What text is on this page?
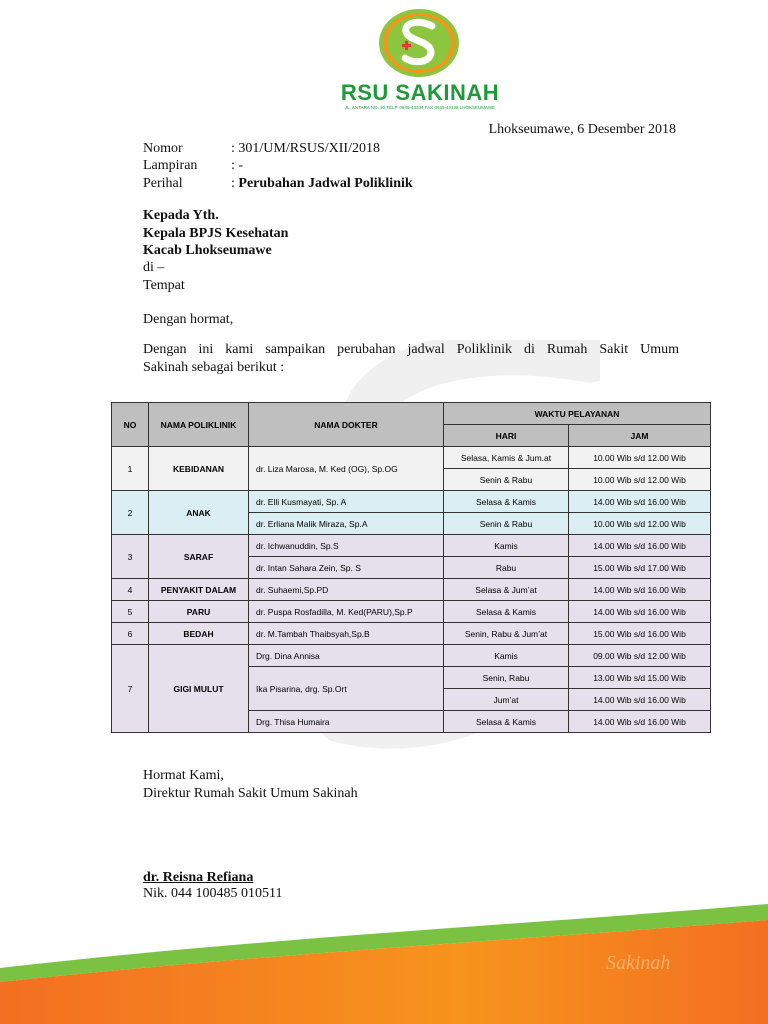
RSU SAKINAH
JL. ANTARA NO. 30 TELP. 0645-43334 FAX 0645-43138 LHOKSEUMAWE
Lhokseumawe, 6 Desember 2018
Nomor	: 301/UM/RSUS/XII/2018
Lampiran : -
Perihal	: Perubahan Jadwal Poliklinik
Kepada Yth.
Kepala BPJS Kesehatan
Kacab Lhokseumawe
di –
Tempat
Dengan hormat,
Dengan ini kami sampaikan perubahan jadwal Poliklinik di Rumah Sakit Umum
Sakinah sebagai berikut :
NO	NAMA POLIKLINIK	NAMA DOKTER	WAKTU PELAYANAN	
			HARI	JAM
1	KEBIDANAN	dr. Liza Marosa, M. Ked (OG), Sp.OG	Selasa, Kamis & Jum.at	10.00 Wib s/d 12.00 Wib
			Senin & Rabu	10.00 Wib s/d 12.00 Wib
2	ANAK	dr. Elli Kusmayati, Sp. A	Selasa & Kamis	14.00 Wib s/d 16.00 Wib
		dr. Erliana Malik Miraza, Sp.A	Senin & Rabu	10.00 Wib s/d 12.00 Wib
3	SARAF	dr. Ichwanuddin, Sp.S	Kamis	14.00 Wib s/d 16.00 Wib
		dr. Intan Sahara Zein, Sp. S	Rabu	15.00 Wib s/d 17.00 Wib
4	PENYAKIT DALAM	dr. Suhaemi,Sp.PD	Selasa & Jum’at	14.00 Wib s/d 16.00 Wib
5	PARU	dr. Puspa Rosfadilla, M. Ked(PARU),Sp.P	Selasa & Kamis	14.00 Wib s/d 16.00 Wib
6	BEDAH	dr. M.Tambah Thaibsyah,Sp.B	Senin, Rabu & Jum’at	15.00 Wib s/d 16.00 Wib
7	GIGI MULUT	Drg. Dina Annisa	Kamis	09.00 Wib s/d 12.00 Wib
		Ika Pisarina, drg. Sp.Ort	Senin, Rabu	13.00 Wib s/d 15.00 Wib
			Jum’at	14.00 Wib s/d 16.00 Wib
		Drg. Thisa Humaira	Selasa & Kamis	14.00 Wib s/d 16.00 Wib
Hormat Kami,
Direktur Rumah Sakit Umum Sakinah
dr. Reisna Refiana
Nik. 044 100485 010511
Sakinah
